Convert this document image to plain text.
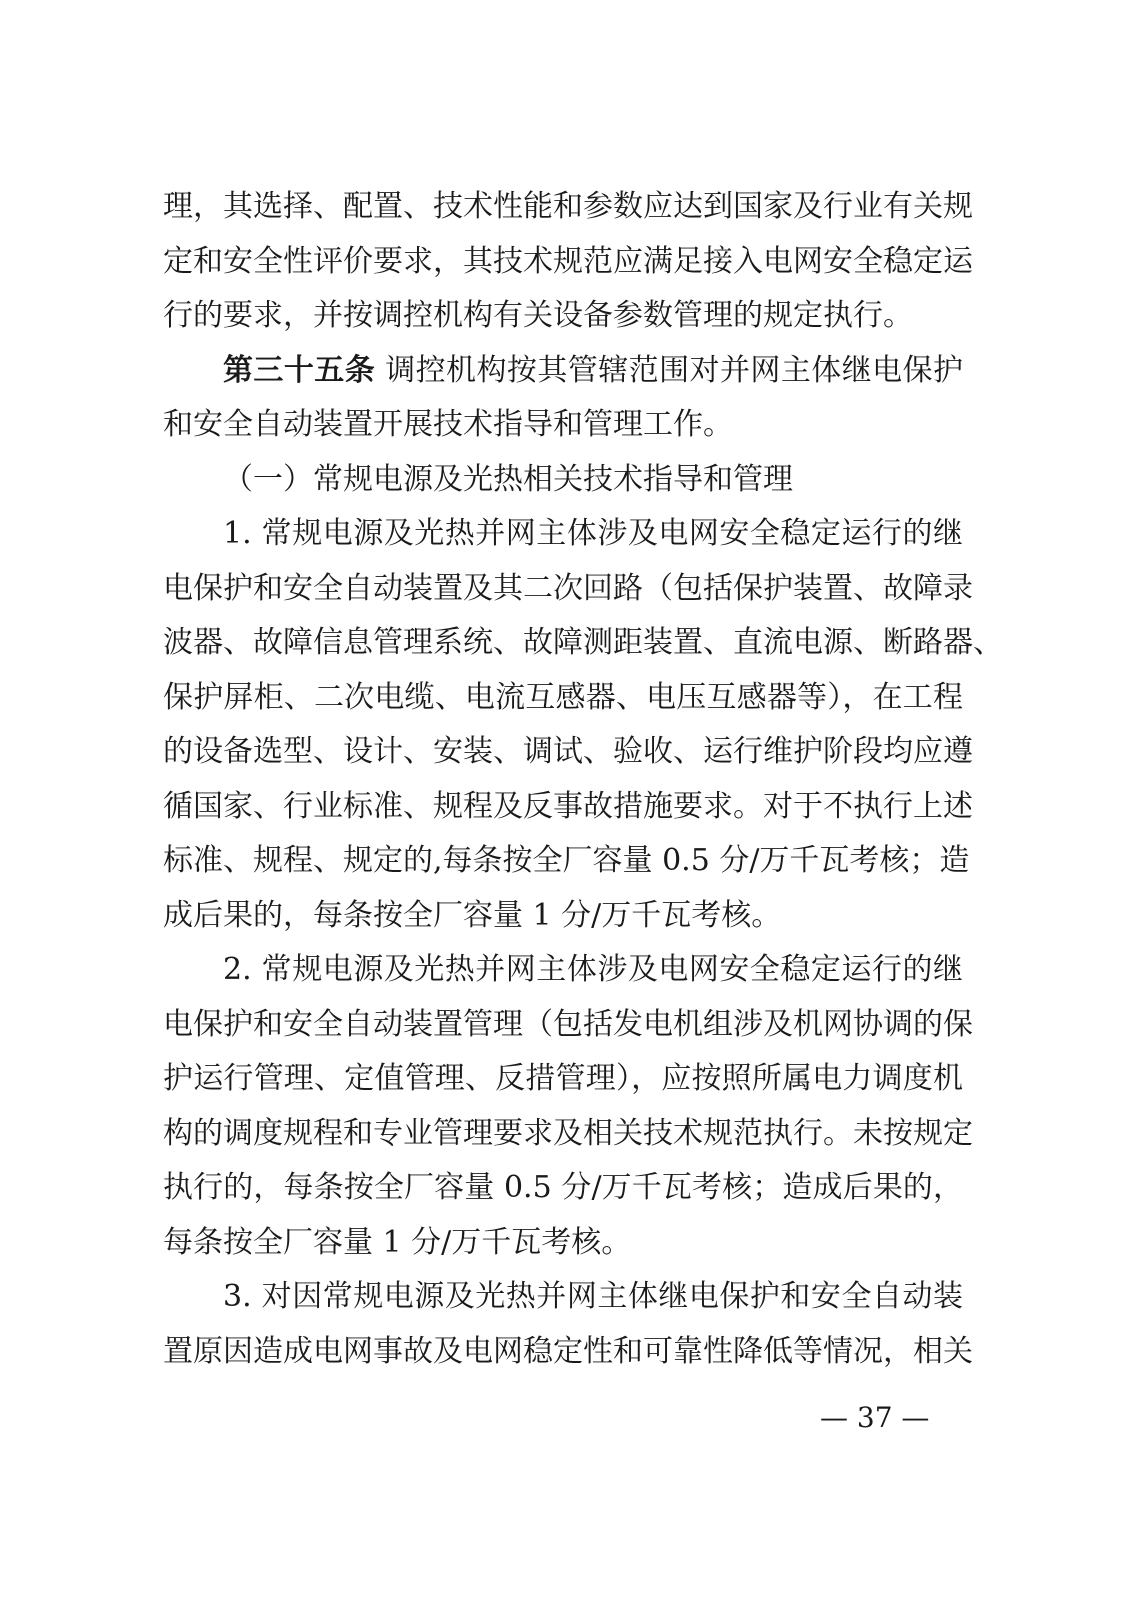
理，其选择、配置、技术性能和参数应达到国家及行业有关规
定和安全性评价要求，其技术规范应满足接入电网安全稳定运
行的要求，并按调控机构有关设备参数管理的规定执行。
第三十五条 调控机构按其管辖范围对并网主体继电保护
和安全自动装置开展技术指导和管理工作。
（一）常规电源及光热相关技术指导和管理
1. 常规电源及光热并网主体涉及电网安全稳定运行的继
电保护和安全自动装置及其二次回路（包括保护装置、故障录
波器、故障信息管理系统、故障测距装置、直流电源、断路器、
保护屏柜、二次电缆、电流互感器、电压互感器等），在工程
的设备选型、设计、安装、调试、验收、运行维护阶段均应遵
循国家、行业标准、规程及反事故措施要求。对于不执行上述
标准、规程、规定的,每条按全厂容量 0.5 分/万千瓦考核；造
成后果的，每条按全厂容量 1 分/万千瓦考核。
2. 常规电源及光热并网主体涉及电网安全稳定运行的继
电保护和安全自动装置管理（包括发电机组涉及机网协调的保
护运行管理、定值管理、反措管理），应按照所属电力调度机
构的调度规程和专业管理要求及相关技术规范执行。未按规定
执行的，每条按全厂容量 0.5 分/万千瓦考核；造成后果的，
每条按全厂容量 1 分/万千瓦考核。
3. 对因常规电源及光热并网主体继电保护和安全自动装
置原因造成电网事故及电网稳定性和可靠性降低等情况，相关
— 37 —
